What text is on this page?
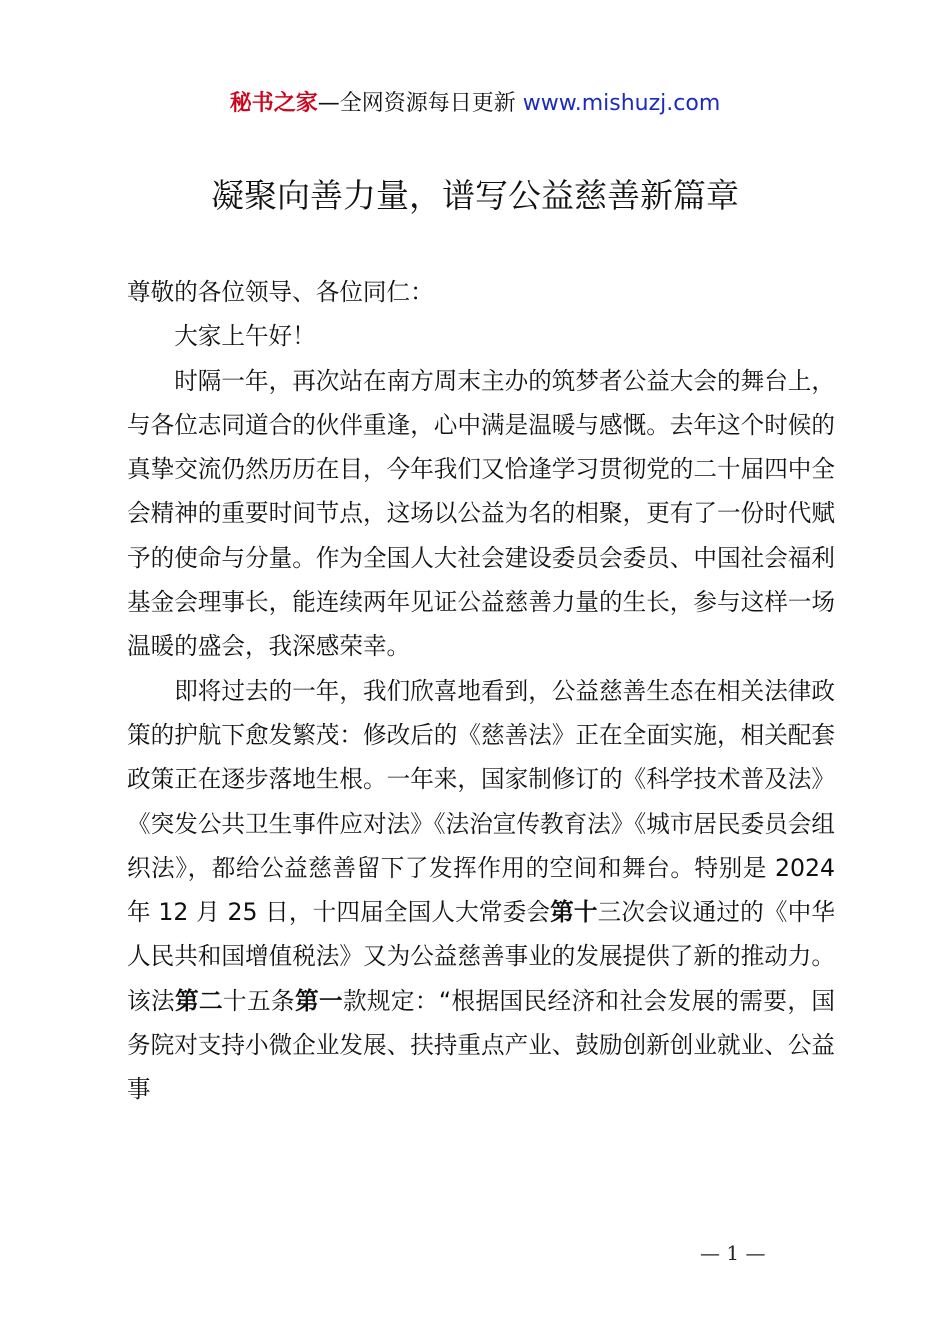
秘书之家—全网资源每日更新 www.mishuzj.com
凝聚向善力量，谱写公益慈善新篇章

尊敬的各位领导、各位同仁：

大家上午好！

时隔一年，再次站在南方周末主办的筑梦者公益大会的舞台上，与各位志同道合的伙伴重逢，心中满是温暖与感慨。去年这个时候的真挚交流仍然历历在目，今年我们又恰逢学习贯彻党的二十届四中全会精神的重要时间节点，这场以公益为名的相聚，更有了一份时代赋予的使命与分量。作为全国人大社会建设委员会委员、中国社会福利基金会理事长，能连续两年见证公益慈善力量的生长，参与这样一场温暖的盛会，我深感荣幸。

即将过去的一年，我们欣喜地看到，公益慈善生态在相关法律政策的护航下愈发繁茂：修改后的《慈善法》正在全面实施，相关配套政策正在逐步落地生根。一年来，国家制修订的《科学技术普及法》《突发公共卫生事件应对法》《法治宣传教育法》《城市居民委员会组织法》，都给公益慈善留下了发挥作用的空间和舞台。特别是 2024 年 12 月 25 日，十四届全国人大常委会第十三次会议通过的《中华人民共和国增值税法》又为公益慈善事业的发展提供了新的推动力。该法第二十五条第一款规定：“根据国民经济和社会发展的需要，国务院对支持小微企业发展、扶持重点产业、鼓励创新创业就业、公益事

— 1 —
